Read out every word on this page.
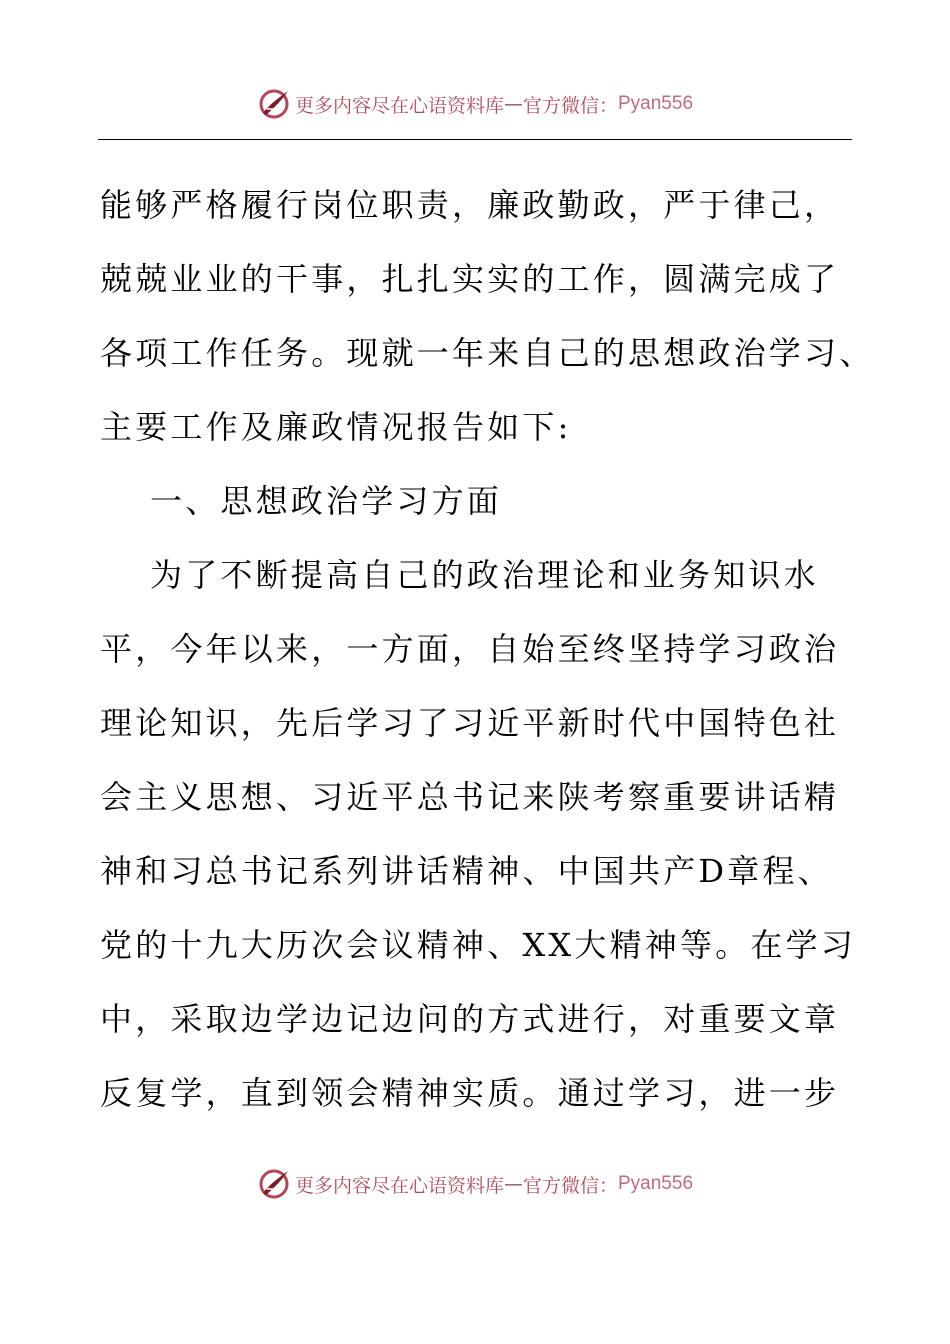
更多内容尽在心语资料库 — 官方微信： Pyan556
能够严格履行岗位职责，廉政勤政，严于律己，
兢兢业业的干事，扎扎实实的工作，圆满完成了
各项工作任务。现就一年来自己的思想政治学习、
主要工作及廉政情况报告如下:
一、思想政治学习方面
为了不断提高自己的政治理论和业务知识水
平，今年以来，一方面，自始至终坚持学习政治
理论知识，先后学习了习近平新时代中国特色社
会主义思想、习近平总书记来陕考察重要讲话精
神和习总书记系列讲话精神、中国共产D章程、
党的十九大历次会议精神、XX大精神等。在学习
中，采取边学边记边问的方式进行，对重要文章
反复学，直到领会精神实质。通过学习，进一步
更多内容尽在心语资料库 — 官方微信： Pyan556
